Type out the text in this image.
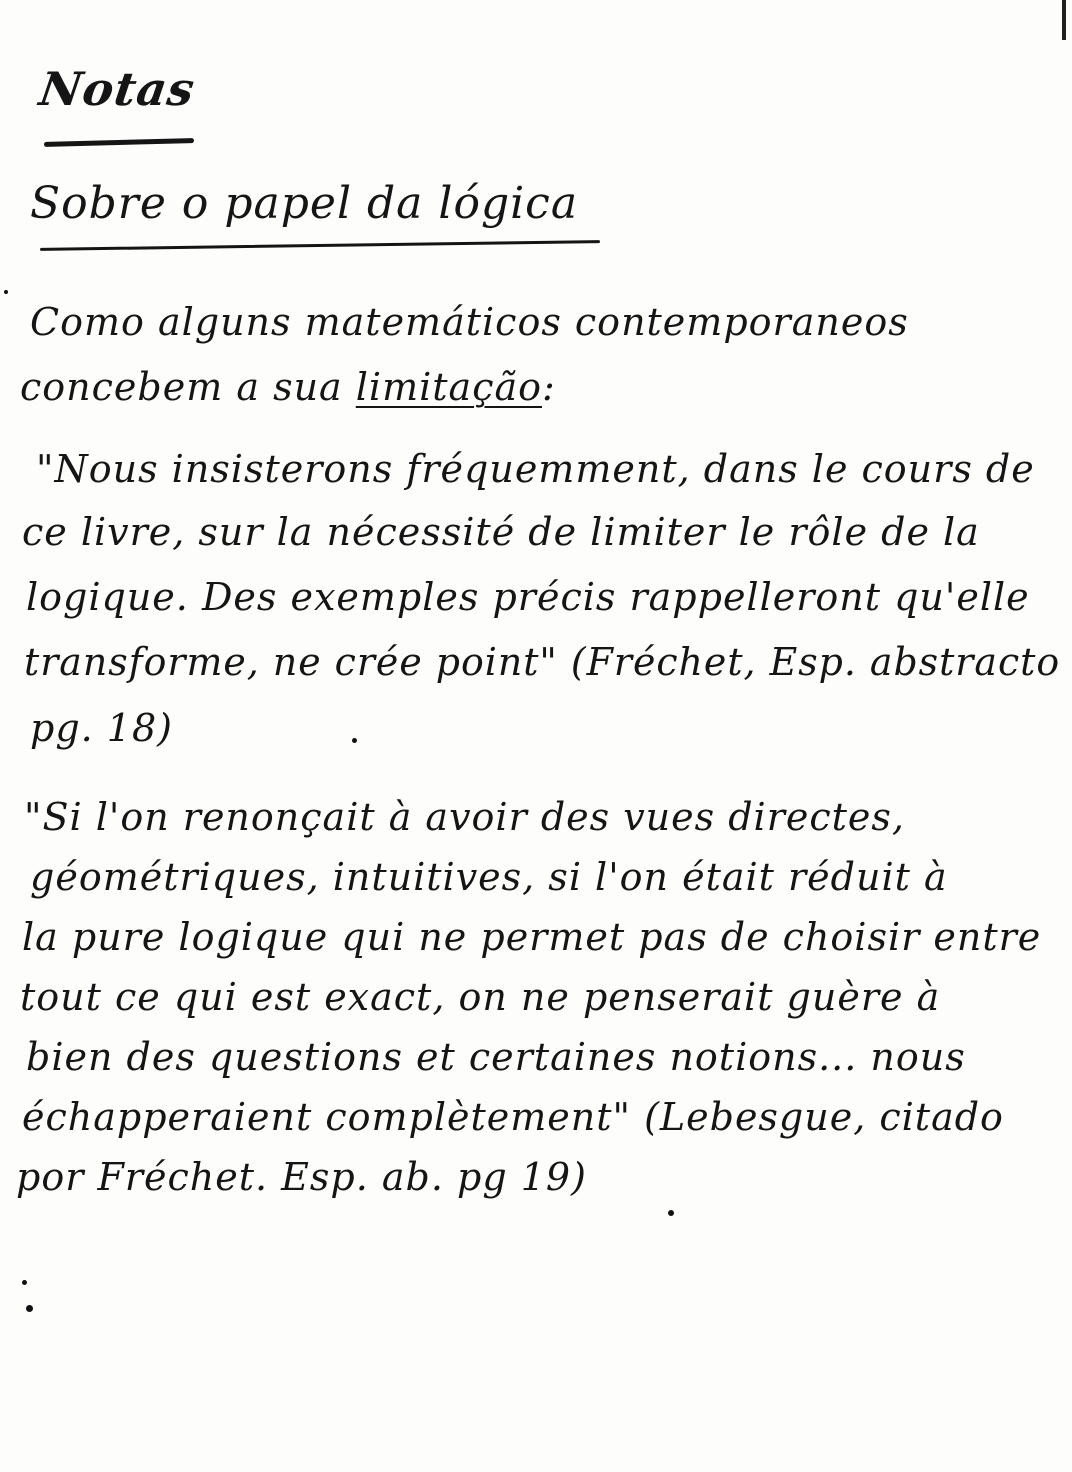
Notas
Sobre o papel da lógica
Como alguns matemáticos contemporaneos
concebem a sua limitação:
"Nous insisterons fréquemment, dans le cours de
ce livre, sur la nécessité de limiter le rôle de la
logique. Des exemples précis rappelleront qu'elle
transforme, ne crée point" (Fréchet, Esp. abstracto
pg. 18)
"Si l'on renonçait à avoir des vues directes,
géométriques, intuitives, si l'on était réduit à
la pure logique qui ne permet pas de choisir entre
tout ce qui est exact, on ne penserait guère à
bien des questions et certaines notions... nous
échapperaient complètement" (Lebesgue, citado
por Fréchet. Esp. ab. pg 19)
